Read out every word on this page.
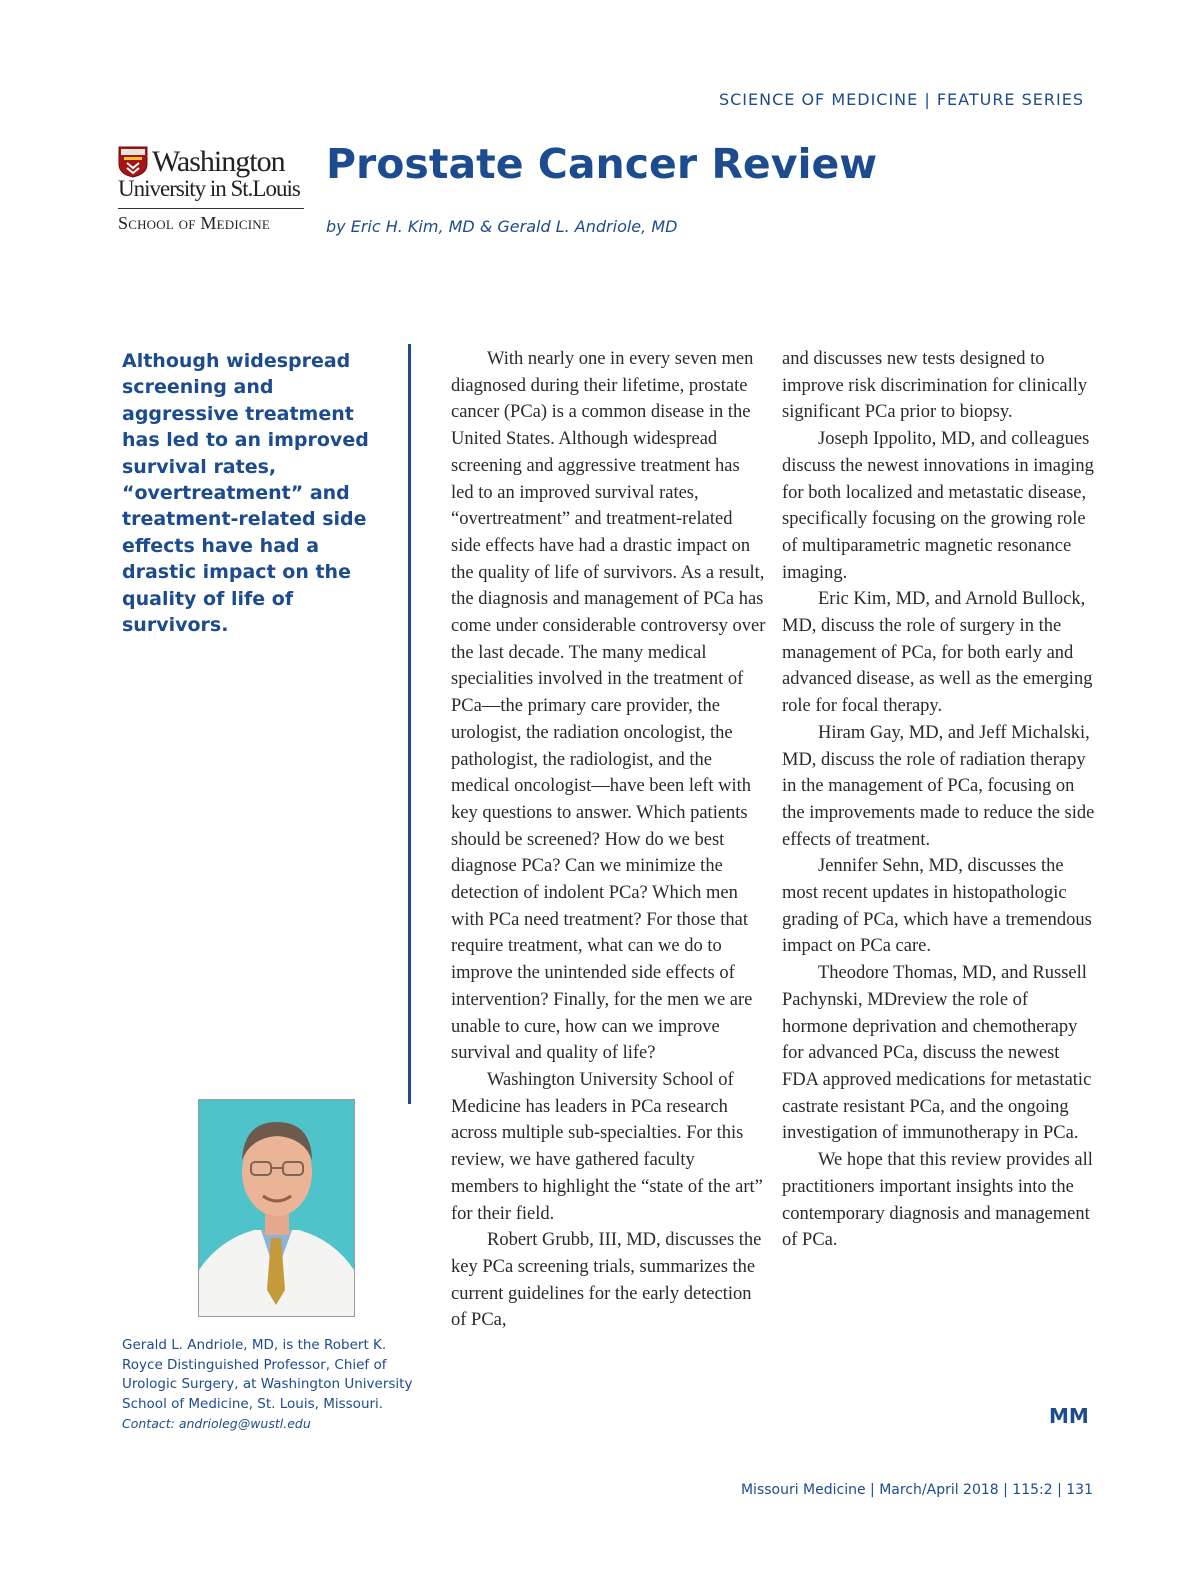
SCIENCE OF MEDICINE | FEATURE SERIES
Washington
University in St.Louis
School of Medicine
Prostate Cancer Review
by Eric H. Kim, MD & Gerald L. Andriole, MD
Although widespread screening and aggressive treatment has led to an improved survival rates, “overtreatment” and treatment-related side effects have had a drastic impact on the quality of life of survivors.
Gerald L. Andriole, MD, is the Robert K. Royce Distinguished Professor, Chief of Urologic Surgery, at Washington University School of Medicine, St. Louis, Missouri.
Contact: andrioleg@wustl.edu

With nearly one in every seven men diagnosed during their lifetime, prostate cancer (PCa) is a common disease in the United States. Although widespread screening and aggressive treatment has led to an improved survival rates, “overtreatment” and treatment-related side effects have had a drastic impact on the quality of life of survivors. As a result, the diagnosis and management of PCa has come under considerable controversy over the last decade. The many medical specialities involved in the treatment of PCa—the primary care provider, the urologist, the radiation oncologist, the pathologist, the radiologist, and the medical oncologist—have been left with key questions to answer. Which patients should be screened? How do we best diagnose PCa? Can we minimize the detection of indolent PCa? Which men with PCa need treatment? For those that require treatment, what can we do to improve the unintended side effects of intervention? Finally, for the men we are unable to cure, how can we improve survival and quality of life?

Washington University School of Medicine has leaders in PCa research across multiple sub-specialties. For this review, we have gathered faculty members to highlight the “state of the art” for their field.

Robert Grubb, III, MD, discusses the key PCa screening trials, summarizes the current guidelines for the early detection of PCa,

and discusses new tests designed to improve risk discrimination for clinically significant PCa prior to biopsy.

Joseph Ippolito, MD, and colleagues discuss the newest innovations in imaging for both localized and metastatic disease, specifically focusing on the growing role of multiparametric magnetic resonance imaging.

Eric Kim, MD, and Arnold Bullock, MD, discuss the role of surgery in the management of PCa, for both early and advanced disease, as well as the emerging role for focal therapy.

Hiram Gay, MD, and Jeff Michalski, MD, discuss the role of radiation therapy in the management of PCa, focusing on the improvements made to reduce the side effects of treatment.

Jennifer Sehn, MD, discusses the most recent updates in histopathologic grading of PCa, which have a tremendous impact on PCa care.

Theodore Thomas, MD, and Russell Pachynski, MDreview the role of hormone deprivation and chemotherapy for advanced PCa, discuss the newest FDA approved medications for metastatic castrate resistant PCa, and the ongoing investigation of immunotherapy in PCa.

We hope that this review provides all practitioners important insights into the contemporary diagnosis and management of PCa.

MM
Missouri Medicine | March/April 2018 | 115:2 | 131
